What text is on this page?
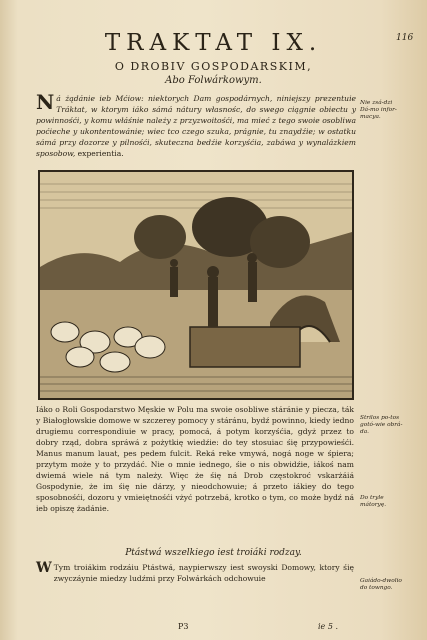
116
TRAKTAT IX.
O DROBIV GOSPODARSKIM,
Abo Folwárkowym.
N á żądánie ieb Mćiow: niektorych Dam gospodárnych, niniejszy prezentuie Tráktat, w ktorym iáko sámá nátury własnośc, do swego ciągnie obiectu y powinnośći, y komu włáśnie należy z przyzwoitośći, ma mieć z tego swoie osobliwa poćieche y ukontentowánie; wiec tco czego szuka, prágnie, tu znaydźie; w ostatku sámá przy dozorze y pilnośći, skuteczna bedźie korzyśćia, zabáwa y wynalázkiem sposobow, experientia.
Nie zsá-dzi Dá-mo infor-macya.
Iáko o Roli Gospodarstwo Męskie w Polu ma swoie osobliwe stáránie y piecza, ták y Białogłowskie domowe w szczerey pomocy y stáránu, bydź powinno, kiedy iedno drugiemu correspondiuie w pracy, pomocá, á potym korzyśćia, gdyż przez to dobry rząd, dobra spráwá z pożytkię wiedźie: do tey stosuiac śię przypowieśći. Manus manum lauat, pes pedem fulcit. Reká reke vmywá, nogá noge w śpiera; przytym może y to przydáć. Nie o mnie iednego, śie o nis obwidźie, iákoś nam dwiemá wiele ná tym należy. Więc że śię ná Drob częstokroć vskarżáiá Gospodynie, że im śię nie dárzy, y nieodchowuie; á przeto iákiey do tego sposobnośći, dozoru y vmieiętnośći vżyć potrzebá, krotko o tym, co może bydź ná ieb opiszę żadánie.
Strilos po-tos gotó-wie obrá-da.
Do tryle mátoryę.
Ptástwá wszelkiego iest troiáki rodzay.
W Tym troiákim rodzáiu Ptástwá, naypierwszy iest swoyski Domowy, ktory śię zwyczáynie miedzy ludźmi przy Folwárkách odchowuie	Gaiádo-dwolio do towngo.
P3	ie 5 .
